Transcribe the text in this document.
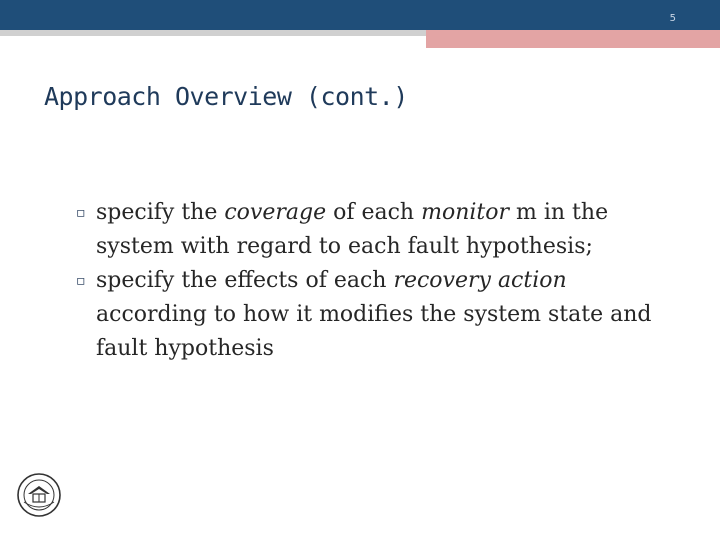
5
Approach Overview (cont.)
▫ specify the coverage of each monitor m in the system with regard to each fault hypothesis;
▫ specify the effects of each recovery action according to how it modifies the system state and fault hypothesis
